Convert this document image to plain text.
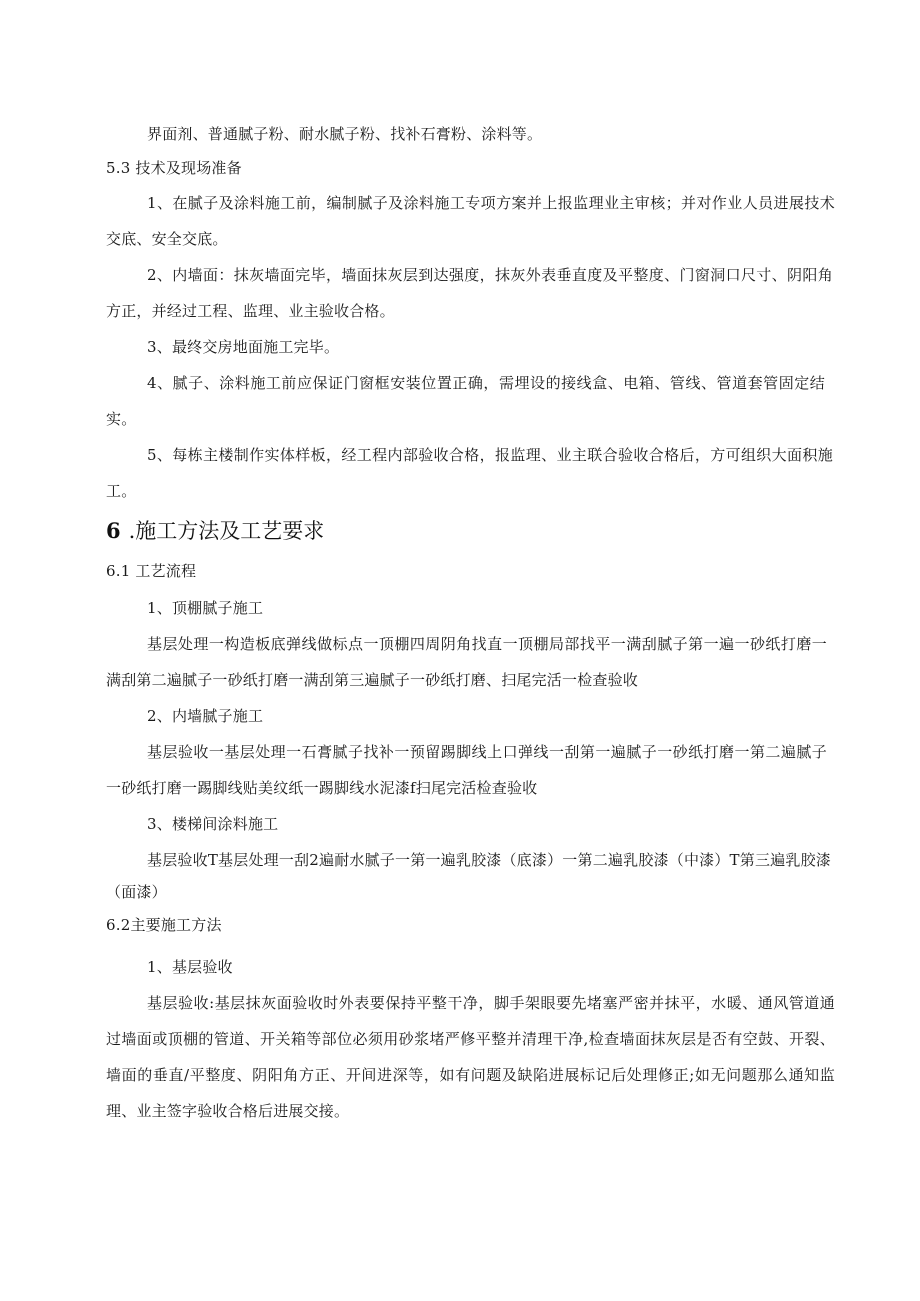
界面剂、普通腻子粉、耐水腻子粉、找补石膏粉、涂料等。
5.3 技术及现场准备
1、在腻子及涂料施工前，编制腻子及涂料施工专项方案并上报监理业主审核；并对作业人员进展技术
交底、安全交底。
2、内墙面：抹灰墙面完毕，墙面抹灰层到达强度，抹灰外表垂直度及平整度、门窗洞口尺寸、阴阳角
方正，并经过工程、监理、业主验收合格。
3、最终交房地面施工完毕。
4、腻子、涂料施工前应保证门窗框安装位置正确，需埋设的接线盒、电箱、管线、管道套管固定结
实。
5、每栋主楼制作实体样板，经工程内部验收合格，报监理、业主联合验收合格后，方可组织大面积施
工。
6 .施工方法及工艺要求
6.1 工艺流程
1、顶棚腻子施工
基层处理一构造板底弹线做标点一顶棚四周阴角找直一顶棚局部找平一满刮腻子第一遍一砂纸打磨一
满刮第二遍腻子一砂纸打磨一满刮第三遍腻子一砂纸打磨、扫尾完活一检查验收
2、内墙腻子施工
基层验收一基层处理一石膏腻子找补一预留踢脚线上口弹线一刮第一遍腻子一砂纸打磨一第二遍腻子
一砂纸打磨一踢脚线贴美纹纸一踢脚线水泥漆f扫尾完活检查验收
3、楼梯间涂料施工
基层验收T基层处理一刮2遍耐水腻子一第一遍乳胶漆（底漆）一第二遍乳胶漆（中漆）T第三遍乳胶漆
（面漆）
6.2主要施工方法
1、基层验收
基层验收:基层抹灰面验收时外表要保持平整干净，脚手架眼要先堵塞严密并抹平，水暖、通风管道通
过墙面或顶棚的管道、开关箱等部位必须用砂浆堵严修平整并清理干净,检查墙面抹灰层是否有空鼓、开裂、
墙面的垂直/平整度、阴阳角方正、开间进深等，如有问题及缺陷进展标记后处理修正;如无问题那么通知监
理、业主签字验收合格后进展交接。
